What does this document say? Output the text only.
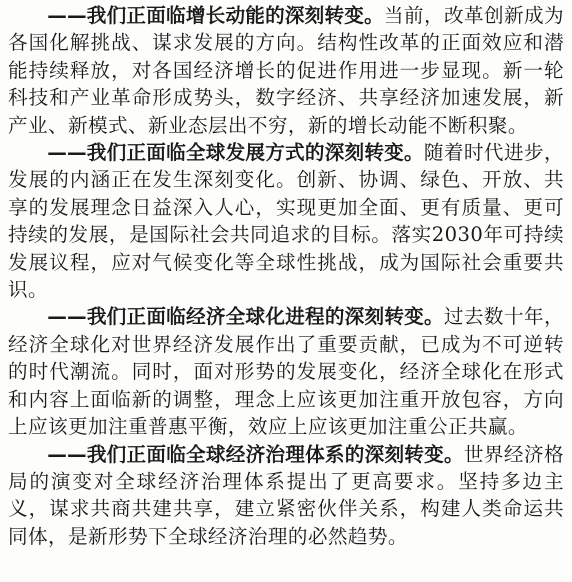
——我们正面临增长动能的深刻转变。当前，改革创新成为各国化解挑战、谋求发展的方向。结构性改革的正面效应和潜能持续释放，对各国经济增长的促进作用进一步显现。新一轮科技和产业革命形成势头，数字经济、共享经济加速发展，新产业、新模式、新业态层出不穷，新的增长动能不断积聚。

——我们正面临全球发展方式的深刻转变。随着时代进步，发展的内涵正在发生深刻变化。创新、协调、绿色、开放、共享的发展理念日益深入人心，实现更加全面、更有质量、更可持续的发展，是国际社会共同追求的目标。落实2030年可持续发展议程，应对气候变化等全球性挑战，成为国际社会重要共识。

——我们正面临经济全球化进程的深刻转变。过去数十年，经济全球化对世界经济发展作出了重要贡献，已成为不可逆转的时代潮流。同时，面对形势的发展变化，经济全球化在形式和内容上面临新的调整，理念上应该更加注重开放包容，方向上应该更加注重普惠平衡，效应上应该更加注重公正共赢。

——我们正面临全球经济治理体系的深刻转变。世界经济格局的演变对全球经济治理体系提出了更高要求。坚持多边主义，谋求共商共建共享，建立紧密伙伴关系，构建人类命运共同体，是新形势下全球经济治理的必然趋势。
